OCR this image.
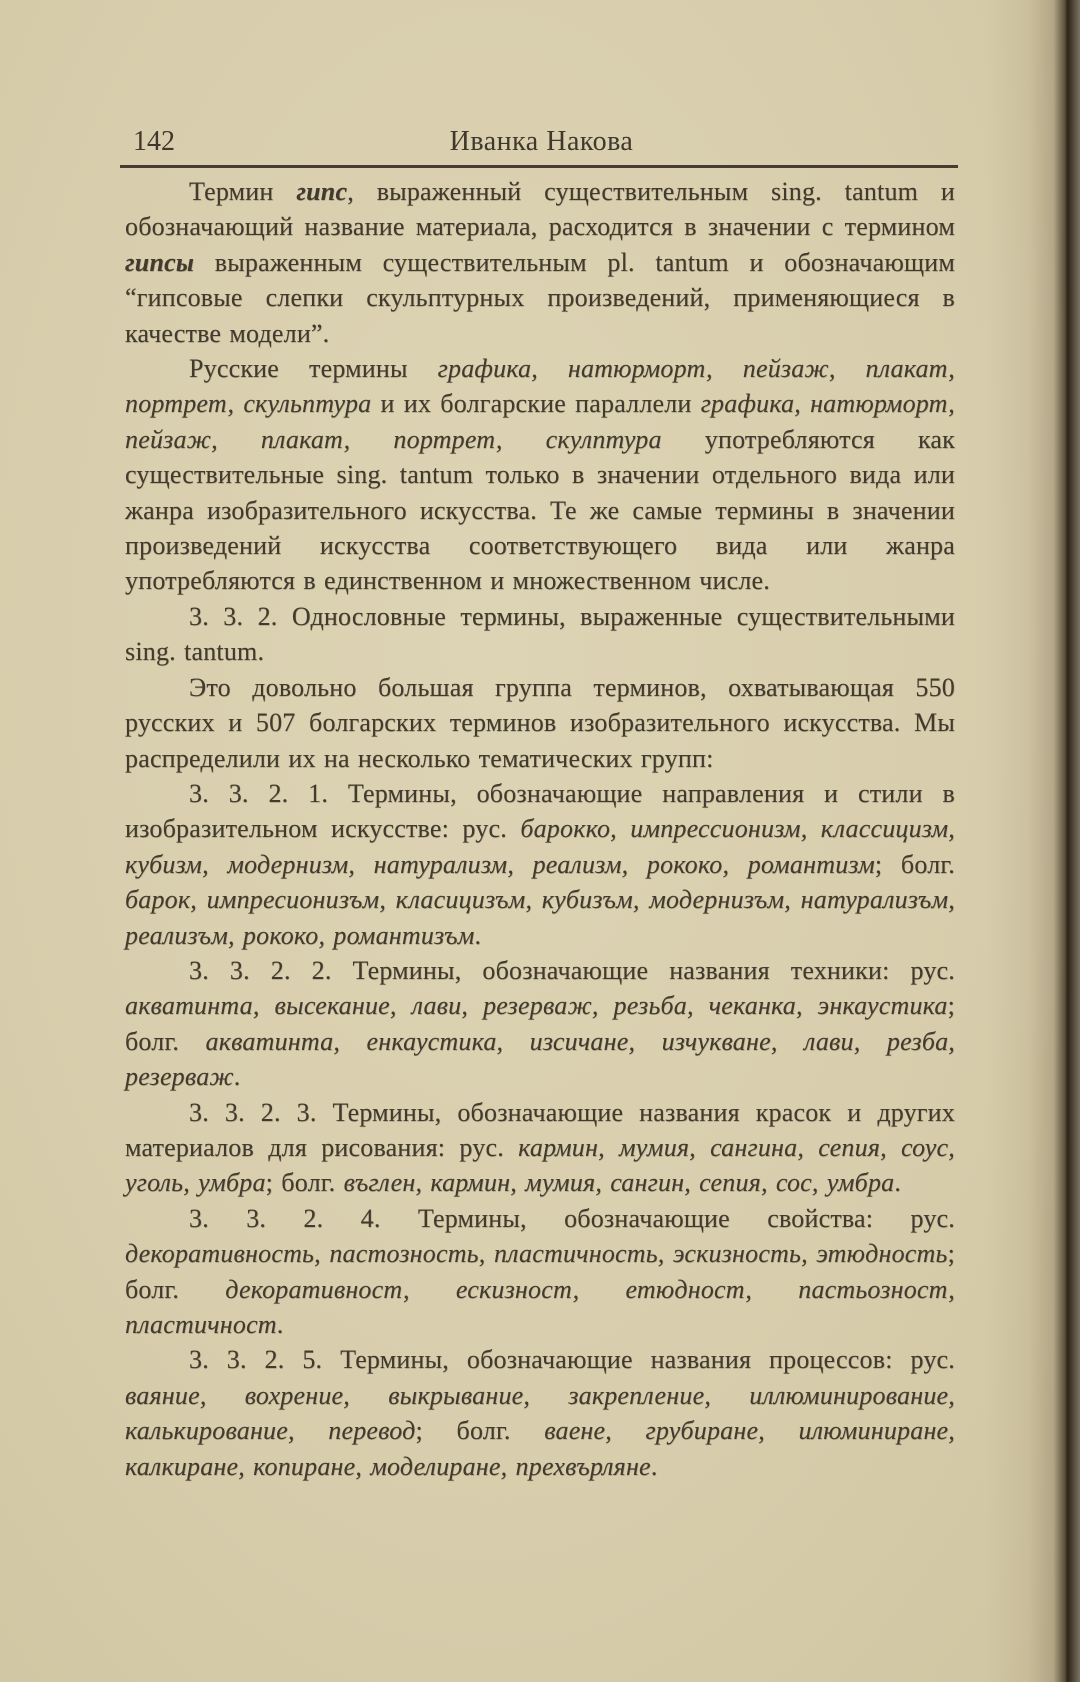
142	Иванка Накова

Термин гипс, выраженный существительным sing. tantum и обозначающий название материала, расходится в значении с термином гипсы выраженным существительным pl. tantum и обозначающим “гипсовые слепки скульптурных произведений, применяющиеся в качестве модели”.

Русские термины графика, натюрморт, пейзаж, плакат, портрет, скульптура и их болгарские параллели графика, натюрморт, пейзаж, плакат, портрет, скулптура употребляются как существительные sing. tantum только в значении отдельного вида или жанра изобразительного искусства. Те же самые термины в значении произведений искусства соответствующего вида или жанра употребляются в единственном и множественном числе.

3. 3. 2. Однословные термины, выраженные существительными sing. tantum.

Это довольно большая группа терминов, охватывающая 550 русских и 507 болгарских терминов изобразительного искусства. Мы распределили их на несколько тематических групп:

3. 3. 2. 1. Термины, обозначающие направления и стили в изобразительном искусстве: рус. барокко, импрессионизм, классицизм, кубизм, модернизм, натурализм, реализм, рококо, романтизм; болг. барок, импресионизъм, класицизъм, кубизъм, модернизъм, натурализъм, реализъм, рококо, романтизъм.

3. 3. 2. 2. Термины, обозначающие названия техники: рус. акватинта, высекание, лави, резерваж, резьба, чеканка, энкаустика; болг. акватинта, енкаустика, изсичане, изчукване, лави, резба, резерваж.

3. 3. 2. 3. Термины, обозначающие названия красок и других материалов для рисования: рус. кармин, мумия, сангина, сепия, соус, уголь, умбра; болг. въглен, кармин, мумия, сангин, сепия, сос, умбра.

3. 3. 2. 4. Термины, обозначающие свойства: рус. декоративность, пастозность, пластичность, эскизность, этюдность; болг. декоративност, ескизност, етюдност, пастьозност, пластичност.

3. 3. 2. 5. Термины, обозначающие названия процессов: рус. ваяние, вохрение, выкрывание, закрепление, иллюминирование, калькирование, перевод; болг. ваене, грубиране, илюминиране, калкиране, копиране, моделиране, прехвърляне.
